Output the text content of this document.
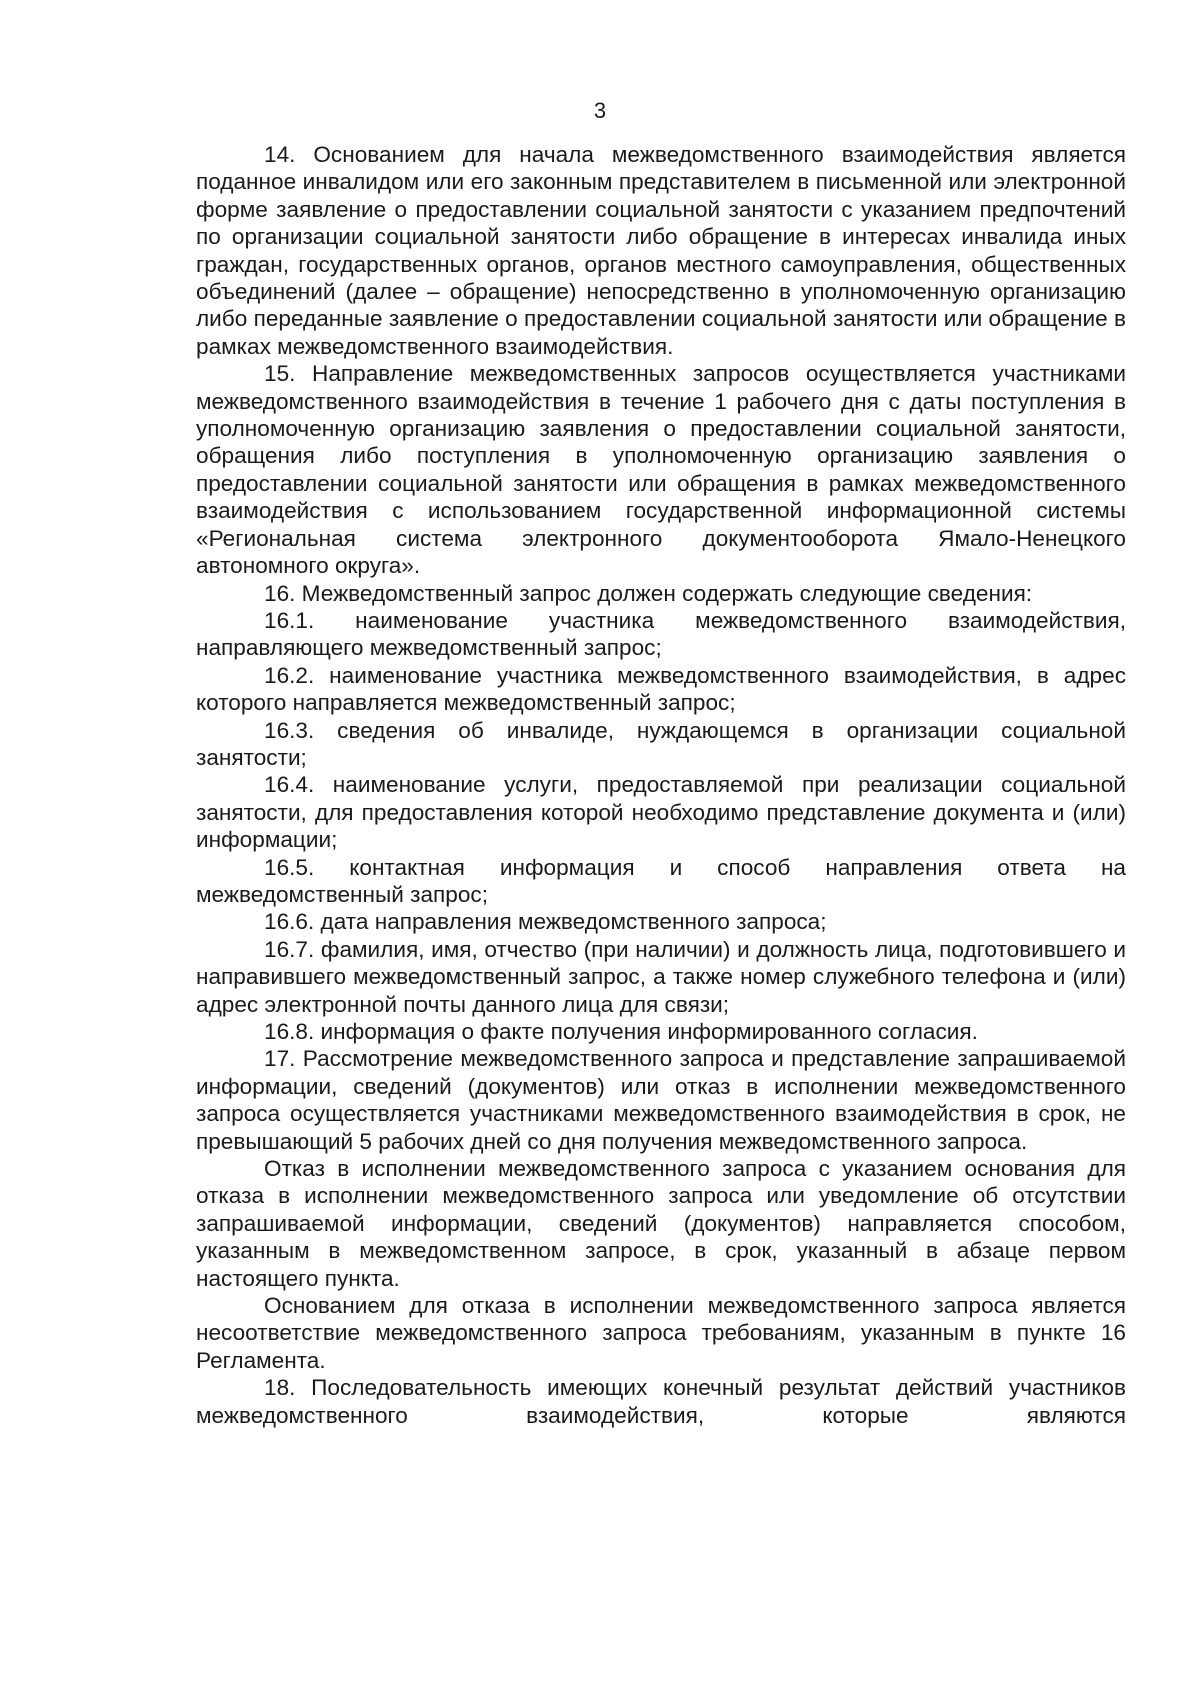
3

14. Основанием для начала межведомственного взаимодействия является поданное инвалидом или его законным представителем в письменной или электронной форме заявление о предоставлении социальной занятости с указанием предпочтений по организации социальной занятости либо обращение в интересах инвалида иных граждан, государственных органов, органов местного самоуправления, общественных объединений (далее – обращение) непосредственно в уполномоченную организацию либо переданные заявление о предоставлении социальной занятости или обращение в рамках межведомственного взаимодействия.

15. Направление межведомственных запросов осуществляется участниками межведомственного взаимодействия в течение 1 рабочего дня с даты поступления в уполномоченную организацию заявления о предоставлении социальной занятости, обращения либо поступления в уполномоченную организацию заявления о предоставлении социальной занятости или обращения в рамках межведомственного взаимодействия с использованием государственной информационной системы «Региональная система электронного документооборота Ямало-Ненецкого автономного округа».

16. Межведомственный запрос должен содержать следующие сведения:

16.1. наименование участника межведомственного взаимодействия, направляющего межведомственный запрос;

16.2. наименование участника межведомственного взаимодействия, в адрес которого направляется межведомственный запрос;

16.3. сведения об инвалиде, нуждающемся в организации социальной занятости;

16.4. наименование услуги, предоставляемой при реализации социальной занятости, для предоставления которой необходимо представление документа и (или) информации;

16.5. контактная информация и способ направления ответа на межведомственный запрос;

16.6. дата направления межведомственного запроса;

16.7. фамилия, имя, отчество (при наличии) и должность лица, подготовившего и направившего межведомственный запрос, а также номер служебного телефона и (или) адрес электронной почты данного лица для связи;

16.8. информация о факте получения информированного согласия.

17. Рассмотрение межведомственного запроса и представление запрашиваемой информации, сведений (документов) или отказ в исполнении межведомственного запроса осуществляется участниками межведомственного взаимодействия в срок, не превышающий 5 рабочих дней со дня получения межведомственного запроса.

Отказ в исполнении межведомственного запроса с указанием основания для отказа в исполнении межведомственного запроса или уведомление об отсутствии запрашиваемой информации, сведений (документов) направляется способом, указанным в межведомственном запросе, в срок, указанный в абзаце первом настоящего пункта.

Основанием для отказа в исполнении межведомственного запроса является несоответствие межведомственного запроса требованиям, указанным в пункте 16 Регламента.

18. Последовательность имеющих конечный результат действий участников межведомственного взаимодействия, которые являются
